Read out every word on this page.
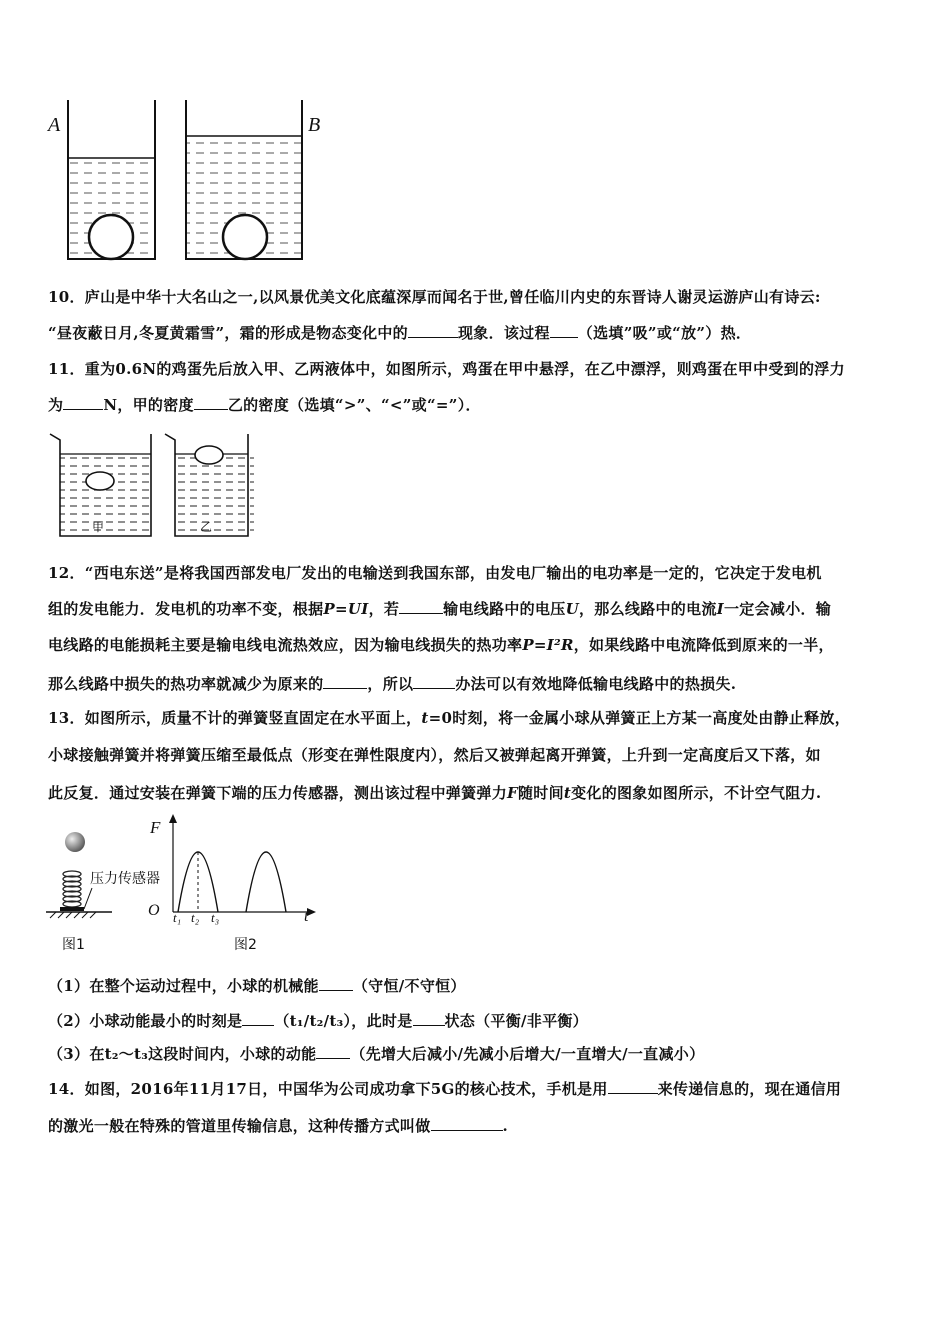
A	B
10．庐山是中华十大名山之一,以风景优美文化底蕴深厚而闻名于世,曾任临川内史的东晋诗人谢灵运游庐山有诗云:
“昼夜蔽日月,冬夏黄霜雪”，霜的形成是物态变化中的	现象．该过程 （选填”吸”或“放”）热．
11．重为0.6N的鸡蛋先后放入甲、乙两液体中，如图所示，鸡蛋在甲中悬浮，在乙中漂浮，则鸡蛋在甲中受到的浮力
为	N，甲的密度 乙的密度（选填“>”、“<”或“=”）．
甲	乙
12．“西电东送”是将我国西部发电厂发出的电输送到我国东部，由发电厂输出的电功率是一定的，它决定于发电机
组的发电能力．发电机的功率不变，根据P=UI，若	输电线路中的电压U，那么线路中的电流I一定会减小．输
电线路的电能损耗主要是输电线电流热效应，因为输电线损失的热功率P=I²R，如果线路中电流降低到原来的一半，
那么线路中损失的热功率就减少为原来的	，所以	办法可以有效地降低输电线路中的热损失.
13．如图所示，质量不计的弹簧竖直固定在水平面上，t=0时刻，将一金属小球从弹簧正上方某一高度处由静止释放，
小球接触弹簧并将弹簧压缩至最低点（形变在弹性限度内），然后又被弹起离开弹簧，上升到一定高度后又下落，如
此反复．通过安装在弹簧下端的压力传感器，测出该过程中弹簧弹力F随时间t变化的图象如图所示，不计空气阻力.
压力传感器
图1
F
O	t
t₁ t₂ t₃
图2
（1）在整个运动过程中，小球的机械能 （守恒/不守恒）
（2）小球动能最小的时刻是 （t₁/t₂/t₃），此时是 状态（平衡/非平衡）
（3）在t₂～t₃这段时间内，小球的动能 （先增大后减小/先减小后增大/一直增大/一直减小）
14．如图，2016年11月17日，中国华为公司成功拿下5G的核心技术，手机是用	来传递信息的，现在通信用
的激光一般在特殊的管道里传输信息，这种传播方式叫做	.
